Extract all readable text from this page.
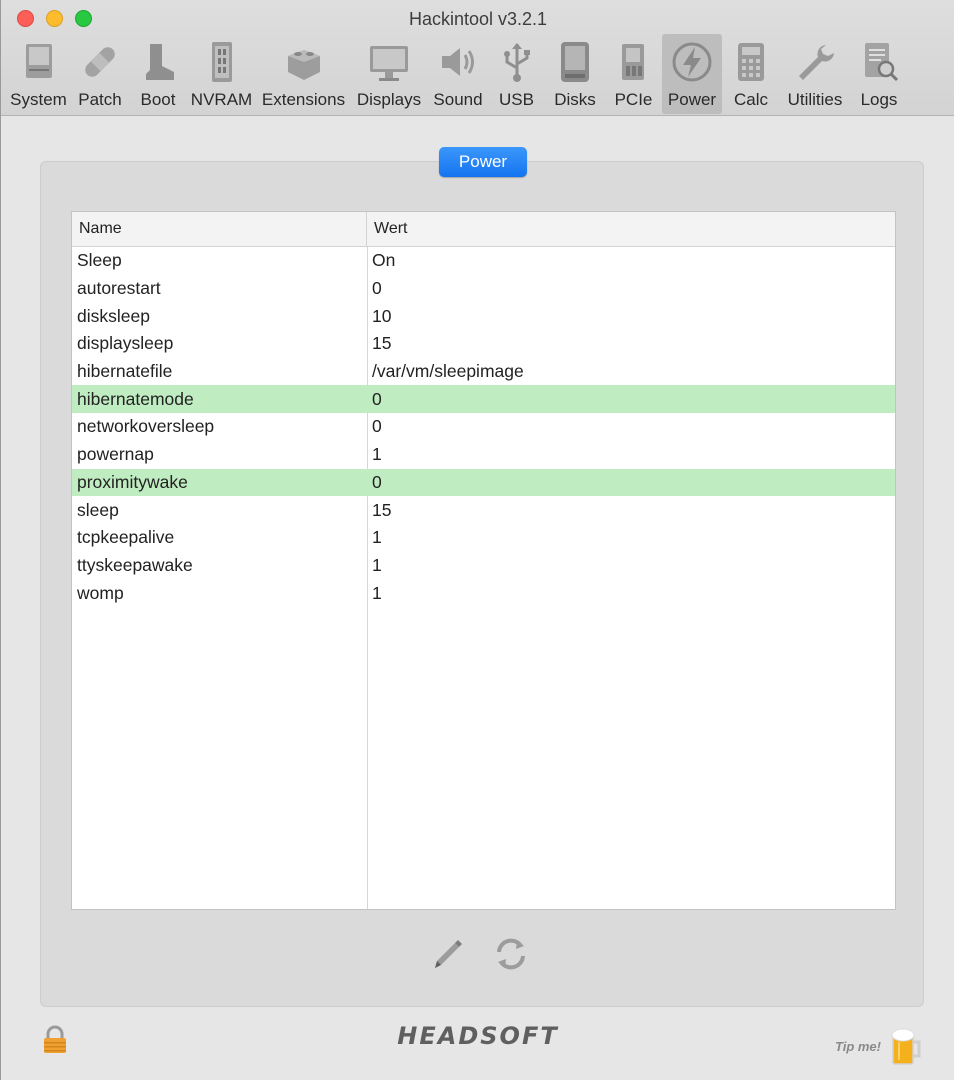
Hackintool v3.2.1
System Patch Boot NVRAM Extensions Displays Sound USB Disks PCIe Power Calc Utilities Logs
Power
Name	Wert
Sleep	On
autorestart	0
disksleep	10
displaysleep	15
hibernatefile	/var/vm/sleepimage
hibernatemode	0
networkoversleep	0
powernap	1
proximitywake	0
sleep	15
tcpkeepalive	1
ttyskeepawake	1
womp	1
HEADSOFT	Tip me!
